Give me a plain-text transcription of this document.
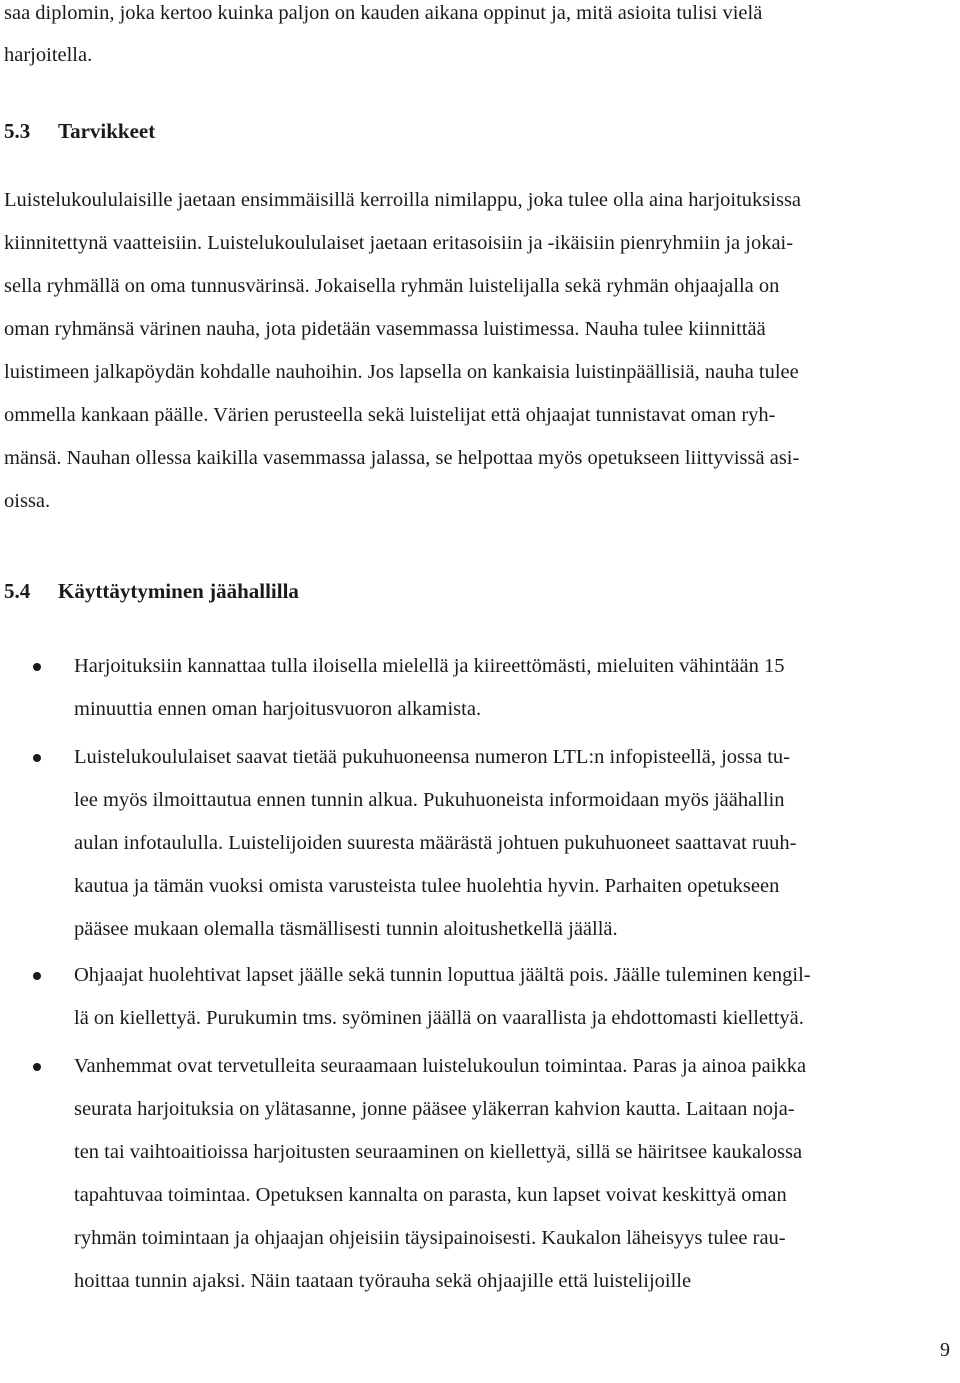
saa diplomin, joka kertoo kuinka paljon on kauden aikana oppinut ja, mitä asioita tulisi vielä
harjoitella.
5.3 Tarvikkeet
Luistelukoululaisille jaetaan ensimmäisillä kerroilla nimilappu, joka tulee olla aina harjoituksissa
kiinnitettynä vaatteisiin. Luistelukoululaiset jaetaan eritasoisiin ja -ikäisiin pienryhmiin ja jokai-
sella ryhmällä on oma tunnusvärinsä. Jokaisella ryhmän luistelijalla sekä ryhmän ohjaajalla on
oman ryhmänsä värinen nauha, jota pidetään vasemmassa luistimessa. Nauha tulee kiinnittää
luistimeen jalkapöydän kohdalle nauhoihin. Jos lapsella on kankaisia luistinpäällisiä, nauha tulee
ommella kankaan päälle. Värien perusteella sekä luistelijat että ohjaajat tunnistavat oman ryh-
mänsä. Nauhan ollessa kaikilla vasemmassa jalassa, se helpottaa myös opetukseen liittyvissä asi-
oissa.
5.4 Käyttäytyminen jäähallilla
Harjoituksiin kannattaa tulla iloisella mielellä ja kiireettömästi, mieluiten vähintään 15
minuuttia ennen oman harjoitusvuoron alkamista.
Luistelukoululaiset saavat tietää pukuhuoneensa numeron LTL:n infopisteellä, jossa tu-
lee myös ilmoittautua ennen tunnin alkua. Pukuhuoneista informoidaan myös jäähallin
aulan infotaululla. Luistelijoiden suuresta määrästä johtuen pukuhuoneet saattavat ruuh-
kautua ja tämän vuoksi omista varusteista tulee huolehtia hyvin. Parhaiten opetukseen
pääsee mukaan olemalla täsmällisesti tunnin aloitushetkellä jäällä.
Ohjaajat huolehtivat lapset jäälle sekä tunnin loputtua jäältä pois. Jäälle tuleminen kengil-
lä on kiellettyä. Purukumin tms. syöminen jäällä on vaarallista ja ehdottomasti kiellettyä.
Vanhemmat ovat tervetulleita seuraamaan luistelukoulun toimintaa. Paras ja ainoa paikka
seurata harjoituksia on ylätasanne, jonne pääsee yläkerran kahvion kautta. Laitaan noja-
ten tai vaihtoaitioissa harjoitusten seuraaminen on kiellettyä, sillä se häiritsee kaukalossa
tapahtuvaa toimintaa. Opetuksen kannalta on parasta, kun lapset voivat keskittyä oman
ryhmän toimintaan ja ohjaajan ohjeisiin täysipainoisesti. Kaukalon läheisyys tulee rau-
hoittaa tunnin ajaksi. Näin taataan työrauha sekä ohjaajille että luistelijoille
9
